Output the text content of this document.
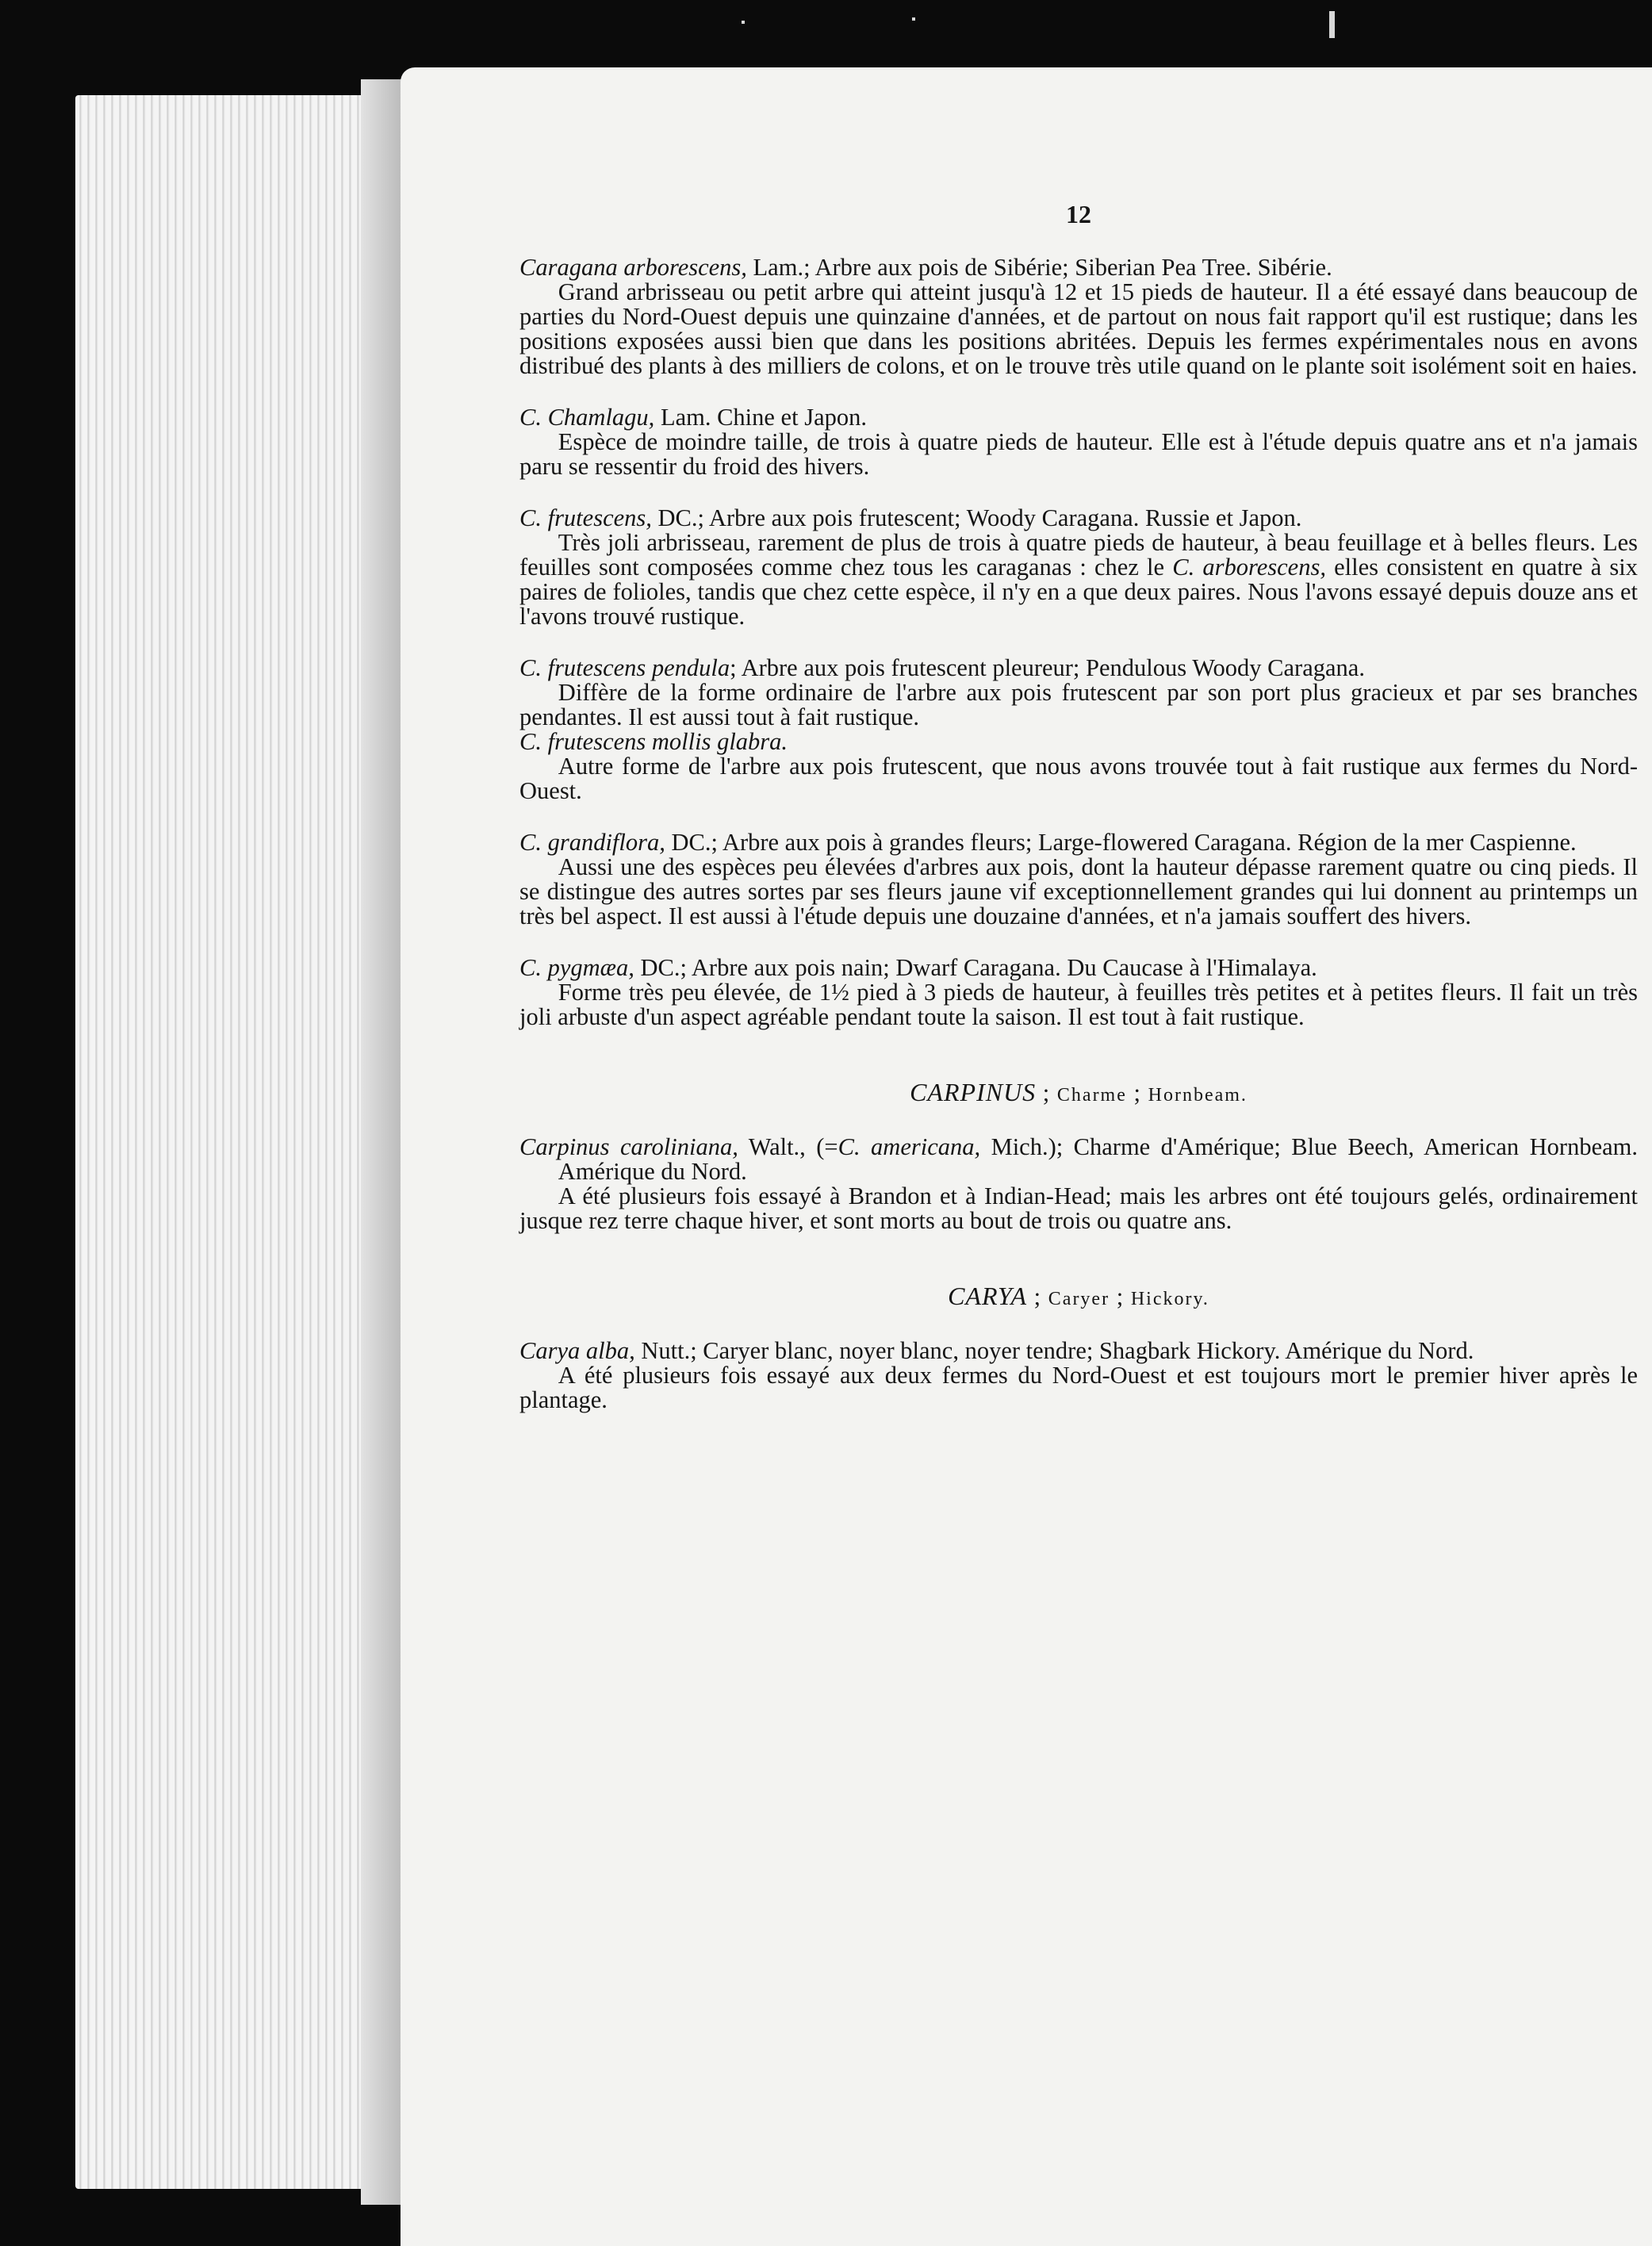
12

Caragana arborescens, Lam.; Arbre aux pois de Sibérie; Siberian Pea Tree. Sibérie.

Grand arbrisseau ou petit arbre qui atteint jusqu'à 12 et 15 pieds de hauteur. Il a été essayé dans beaucoup de parties du Nord-Ouest depuis une quinzaine d'années, et de partout on nous fait rapport qu'il est rustique; dans les positions exposées aussi bien que dans les positions abritées. Depuis les fermes expérimentales nous en avons distribué des plants à des milliers de colons, et on le trouve très utile quand on le plante soit isolément soit en haies.

C. Chamlagu, Lam. Chine et Japon.

Espèce de moindre taille, de trois à quatre pieds de hauteur. Elle est à l'étude depuis quatre ans et n'a jamais paru se ressentir du froid des hivers.

C. frutescens, DC.; Arbre aux pois frutescent; Woody Caragana. Russie et Japon.

Très joli arbrisseau, rarement de plus de trois à quatre pieds de hauteur, à beau feuillage et à belles fleurs. Les feuilles sont composées comme chez tous les caraganas : chez le C. arborescens, elles consistent en quatre à six paires de folioles, tandis que chez cette espèce, il n'y en a que deux paires. Nous l'avons essayé depuis douze ans et l'avons trouvé rustique.

C. frutescens pendula; Arbre aux pois frutescent pleureur; Pendulous Woody Caragana.

Diffère de la forme ordinaire de l'arbre aux pois frutescent par son port plus gracieux et par ses branches pendantes. Il est aussi tout à fait rustique.

C. frutescens mollis glabra.

Autre forme de l'arbre aux pois frutescent, que nous avons trouvée tout à fait rustique aux fermes du Nord-Ouest.

C. grandiflora, DC.; Arbre aux pois à grandes fleurs; Large-flowered Caragana. Région de la mer Caspienne.

Aussi une des espèces peu élevées d'arbres aux pois, dont la hauteur dépasse rarement quatre ou cinq pieds. Il se distingue des autres sortes par ses fleurs jaune vif exceptionnellement grandes qui lui donnent au printemps un très bel aspect. Il est aussi à l'étude depuis une douzaine d'années, et n'a jamais souffert des hivers.

C. pygmæa, DC.; Arbre aux pois nain; Dwarf Caragana. Du Caucase à l'Himalaya.

Forme très peu élevée, de 1½ pied à 3 pieds de hauteur, à feuilles très petites et à petites fleurs. Il fait un très joli arbuste d'un aspect agréable pendant toute la saison. Il est tout à fait rustique.

CARPINUS ; Charme ; Hornbeam.

Carpinus caroliniana, Walt., (=C. americana, Mich.); Charme d'Amérique; Blue Beech, American Hornbeam. Amérique du Nord.

A été plusieurs fois essayé à Brandon et à Indian-Head; mais les arbres ont été toujours gelés, ordinairement jusque rez terre chaque hiver, et sont morts au bout de trois ou quatre ans.

CARYA ; Caryer ; Hickory.

Carya alba, Nutt.; Caryer blanc, noyer blanc, noyer tendre; Shagbark Hickory. Amérique du Nord.

A été plusieurs fois essayé aux deux fermes du Nord-Ouest et est toujours mort le premier hiver après le plantage.
